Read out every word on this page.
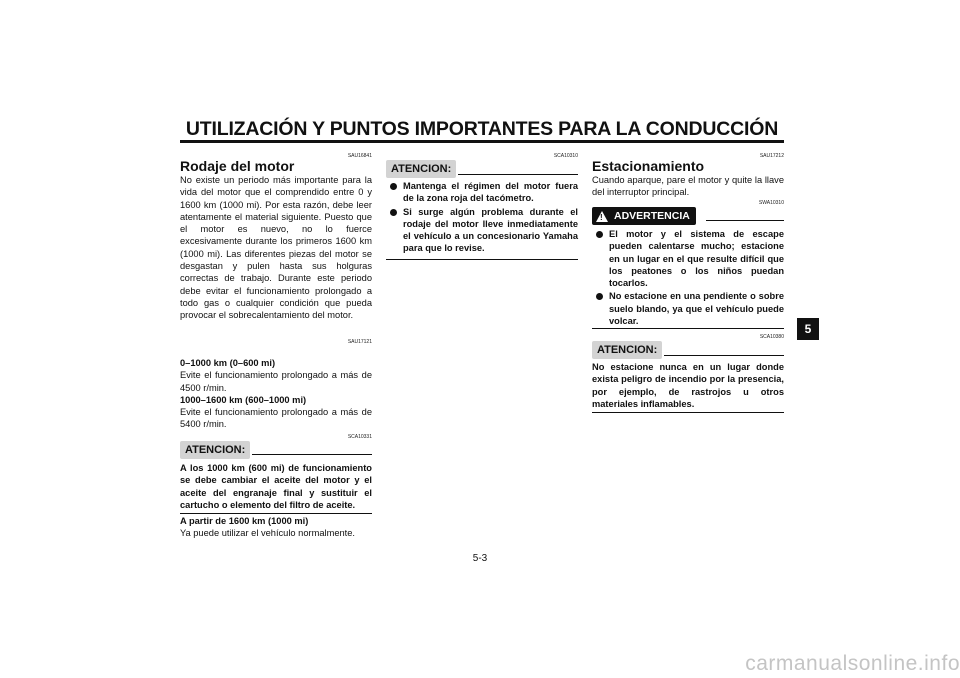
UTILIZACIÓN Y PUNTOS IMPORTANTES PARA LA CONDUCCIÓN
SAU16841
Rodaje del motor
No existe un periodo más importante para la vida del motor que el comprendido entre 0 y 1600 km (1000 mi). Por esta razón, debe leer atentamente el material siguiente. Puesto que el motor es nuevo, no lo fuerce excesivamente durante los primeros 1600 km (1000 mi). Las diferentes piezas del motor se desgastan y pulen hasta sus holguras correctas de trabajo. Durante este periodo debe evitar el funcionamiento prolongado a todo gas o cualquier condición que pueda provocar el sobrecalentamiento del motor.
SAU17121
0–1000 km (0–600 mi)
Evite el funcionamiento prolongado a más de 4500 r/min.
1000–1600 km (600–1000 mi)
Evite el funcionamiento prolongado a más de 5400 r/min.
SCA10331
ATENCION:
A los 1000 km (600 mi) de funcionamiento se debe cambiar el aceite del motor y el aceite del engranaje final y sustituir el cartucho o elemento del filtro de aceite.
A partir de 1600 km (1000 mi)
Ya puede utilizar el vehículo normalmente.
SCA10310
ATENCION:
Mantenga el régimen del motor fuera de la zona roja del tacómetro.
Si surge algún problema durante el rodaje del motor lleve inmediatamente el vehículo a un concesionario Yamaha para que lo revise.
SAU17212
Estacionamiento
Cuando aparque, pare el motor y quite la llave del interruptor principal.
SWA10310
! ADVERTENCIA
El motor y el sistema de escape pueden calentarse mucho; estacione en un lugar en el que resulte difícil que los peatones o los niños puedan tocarlos.
No estacione en una pendiente o sobre suelo blando, ya que el vehículo puede volcar.
SCA10380
ATENCION:
No estacione nunca en un lugar donde exista peligro de incendio por la presencia, por ejemplo, de rastrojos u otros materiales inflamables.
5
5-3
carmanualsonline.info
